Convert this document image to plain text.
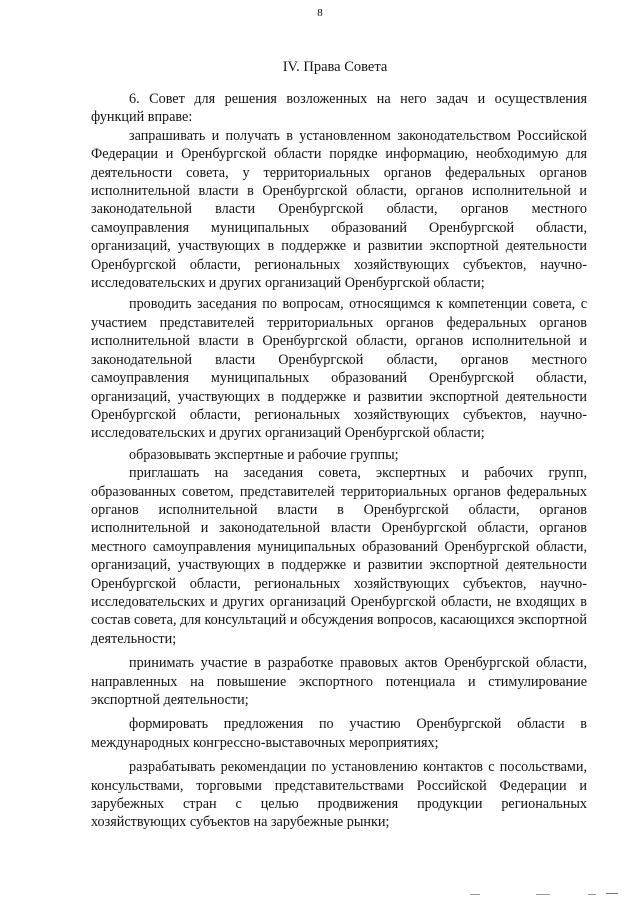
8
IV. Права Совета

6. Совет для решения возложенных на него задач и осуществления функций вправе:

запрашивать и получать в установленном законодательством Российской Федерации и Оренбургской области порядке информацию, необходимую для деятельности совета, у территориальных органов федеральных органов исполнительной власти в Оренбургской области, органов исполнительной и законодательной власти Оренбургской области, органов местного самоуправления муниципальных образований Оренбургской области, организаций, участвующих в поддержке и развитии экспортной деятельности Оренбургской области, региональных хозяйствующих субъектов, научно-исследовательских и других организаций Оренбургской области;

проводить заседания по вопросам, относящимся к компетенции совета, с участием представителей территориальных органов федеральных органов исполнительной власти в Оренбургской области, органов исполнительной и законодательной власти Оренбургской области, органов местного самоуправления муниципальных образований Оренбургской области, организаций, участвующих в поддержке и развитии экспортной деятельности Оренбургской области, региональных хозяйствующих субъектов, научно-исследовательских и других организаций Оренбургской области;

образовывать экспертные и рабочие группы;

приглашать на заседания совета, экспертных и рабочих групп, образованных советом, представителей территориальных органов федеральных органов исполнительной власти в Оренбургской области, органов исполнительной и законодательной власти Оренбургской области, органов местного самоуправления муниципальных образований Оренбургской области, организаций, участвующих в поддержке и развитии экспортной деятельности Оренбургской области, региональных хозяйствующих субъектов, научно-исследовательских и других организаций Оренбургской области, не входящих в состав совета, для консультаций и обсуждения вопросов, касающихся экспортной деятельности;

принимать участие в разработке правовых актов Оренбургской области, направленных на повышение экспортного потенциала и стимулирование экспортной деятельности;

формировать предложения по участию Оренбургской области в международных конгрессно-выставочных мероприятиях;

разрабатывать рекомендации по установлению контактов с посольствами, консульствами, торговыми представительствами Российской Федерации и зарубежных стран с целью продвижения продукции региональных хозяйствующих субъектов на зарубежные рынки;
